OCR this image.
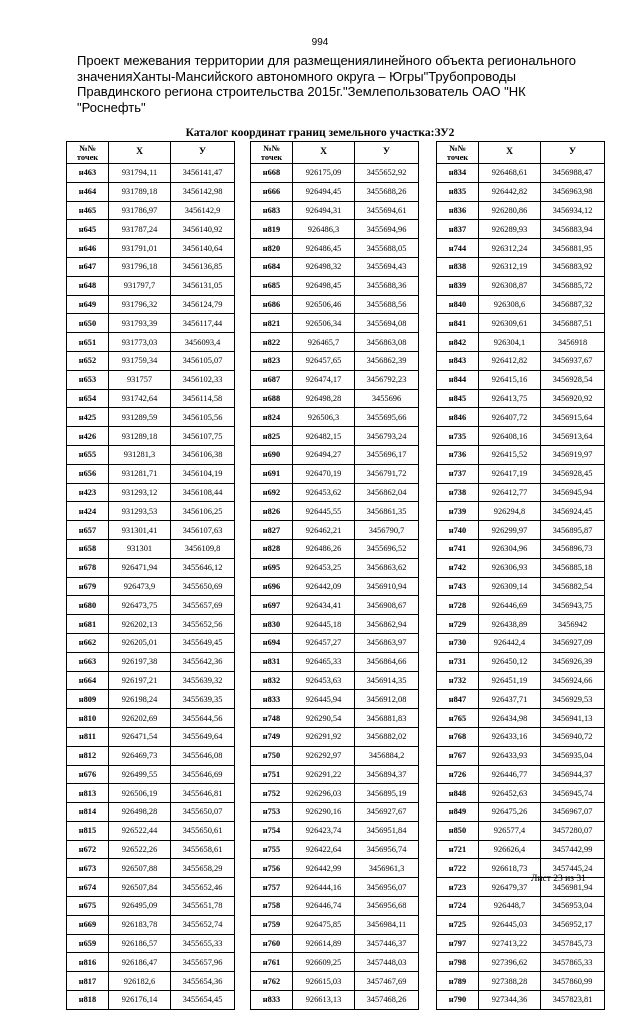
994
Проект межевания территории для размещениялинейного объекта регионального
значенияХанты-Мансийского автономного округа – Югры"Трубопроводы
Правдинского региона строительства 2015г."Землепользователь ОАО "НК
"Роснефть"
Каталог координат границ земельного участка:ЗУ2
№№
точек	Х	У
н463	931794,11	3456141,47
н464	931789,18	3456142,98
н465	931786,97	3456142,9
н645	931787,24	3456140,92
н646	931791,01	3456140,64
н647	931796,18	3456136,85
н648	931797,7	3456131,05
н649	931796,32	3456124,79
н650	931793,39	3456117,44
н651	931773,03	3456093,4
н652	931759,34	3456105,07
н653	931757	3456102,33
н654	931742,64	3456114,58
н425	931289,59	3456105,56
н426	931289,18	3456107,75
н655	931281,3	3456106,38
н656	931281,71	3456104,19
н423	931293,12	3456108,44
н424	931293,53	3456106,25
н657	931301,41	3456107,63
н658	931301	3456109,8
н678	926471,94	3455646,12
н679	926473,9	3455650,69
н680	926473,75	3455657,69
н681	926202,13	3455652,56
н662	926205,01	3455649,45
н663	926197,38	3455642,36
н664	926197,21	3455639,32
н809	926198,24	3455639,35
н810	926202,69	3455644,56
н811	926471,54	3455649,64
н812	926469,73	3455646,08
н676	926499,55	3455646,69
н813	926506,19	3455646,81
н814	926498,28	3455650,07
н815	926522,44	3455650,61
н672	926522,26	3455658,61
н673	926507,88	3455658,29
н674	926507,84	3455652,46
н675	926495,09	3455651,78
н669	926183,78	3455652,74
н659	926186,57	3455655,33
н816	926186,47	3455657,96
н817	926182,6	3455654,36
н818	926176,14	3455654,45
№№
точек	Х	У
н668	926175,09	3455652,92
н666	926494,45	3455688,26
н683	926494,31	3455694,61
н819	926486,3	3455694,96
н820	926486,45	3455688,05
н684	926498,32	3455694,43
н685	926498,45	3455688,36
н686	926506,46	3455688,56
н821	926506,34	3455694,08
н822	926465,7	3456863,08
н823	926457,65	3456862,39
н687	926474,17	3456792,23
н688	926498,28	3455696
н824	926506,3	3455695,66
н825	926482,15	3456793,24
н690	926494,27	3455696,17
н691	926470,19	3456791,72
н692	926453,62	3456862,04
н826	926445,55	3456861,35
н827	926462,21	3456790,7
н828	926486,26	3455696,52
н695	926453,25	3456863,62
н696	926442,09	3456910,94
н697	926434,41	3456908,67
н830	926445,18	3456862,94
н694	926457,27	3456863,97
н831	926465,33	3456864,66
н832	926453,63	3456914,35
н833	926445,94	3456912,08
н748	926290,54	3456881,83
н749	926291,92	3456882,02
н750	926292,97	3456884,2
н751	926291,22	3456894,37
н752	926296,03	3456895,19
н753	926290,16	3456927,67
н754	926423,74	3456951,84
н755	926422,64	3456956,74
н756	926442,99	3456961,3
н757	926444,16	3456956,07
н758	926446,74	3456956,68
н759	926475,85	3456984,11
н760	926614,89	3457446,37
н761	926609,25	3457448,03
н762	926615,03	3457467,69
н833	926613,13	3457468,26
№№
точек	Х	У
н834	926468,61	3456988,47
н835	926442,82	3456963,98
н836	926280,86	3456934,12
н837	926289,93	3456883,94
н744	926312,24	3456881,95
н838	926312,19	3456883,92
н839	926308,87	3456885,72
н840	926308,6	3456887,32
н841	926309,61	3456887,51
н842	926304,1	3456918
н843	926412,82	3456937,67
н844	926415,16	3456928,54
н845	926413,75	3456920,92
н846	926407,72	3456915,64
н735	926408,16	3456913,64
н736	926415,52	3456919,97
н737	926417,19	3456928,45
н738	926412,77	3456945,94
н739	926294,8	3456924,45
н740	926299,97	3456895,87
н741	926304,96	3456896,73
н742	926306,93	3456885,18
н743	926309,14	3456882,54
н728	926446,69	3456943,75
н729	926438,89	3456942
н730	926442,4	3456927,09
н731	926450,12	3456926,39
н732	926451,19	3456924,66
н847	926437,71	3456929,53
н765	926434,98	3456941,13
н768	926433,16	3456940,72
н767	926433,93	3456935,04
н726	926446,77	3456944,37
н848	926452,63	3456945,74
н849	926475,26	3456967,07
н850	926577,4	3457280,07
н721	926626,4	3457442,99
н722	926618,73	3457445,24
н723	926479,37	3456981,94
н724	926448,7	3456953,04
н725	926445,03	3456952,17
н797	927413,22	3457845,73
н798	927396,62	3457865,33
н789	927388,28	3457860,99
н790	927344,36	3457823,81
Лист 23 из 31
